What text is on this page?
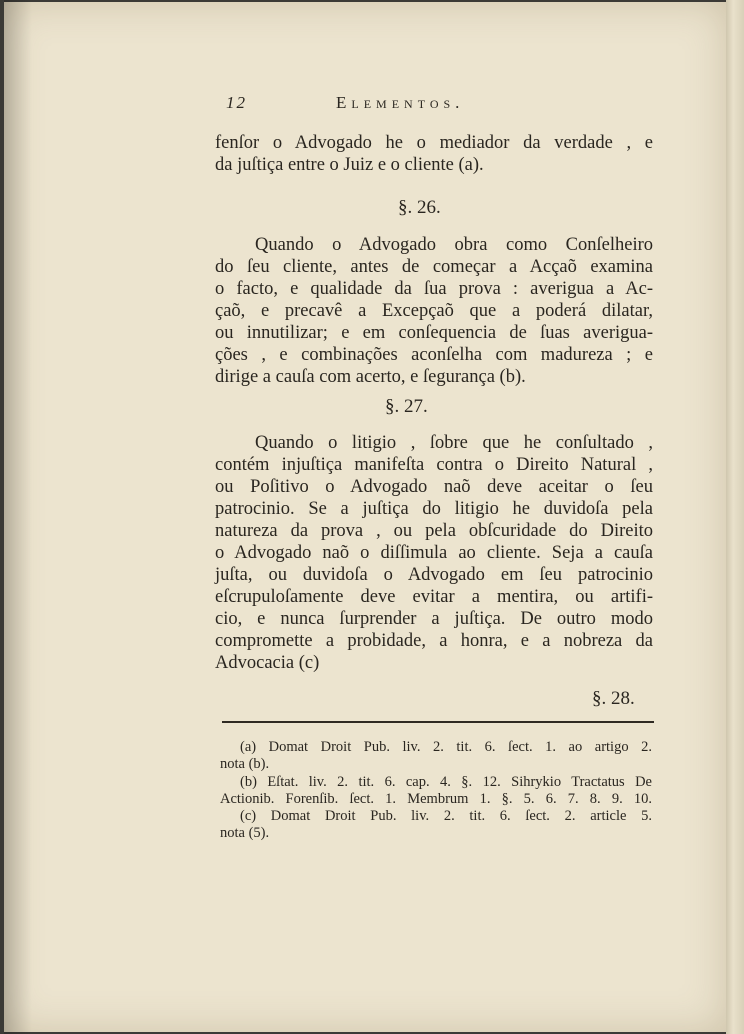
12	Elementos.
fenſor o Advogado he o mediador da verdade , e
da juſtiça entre o Juiz e o cliente (a).
§. 26.
Quando o Advogado obra como Conſelheiro
do ſeu cliente, antes de começar a Acçaõ examina
o facto, e qualidade da ſua prova : averigua a Ac-
çaõ, e precavê a Excepçaõ que a poderá dilatar,
ou innutilizar; e em conſequencia de ſuas averigua-
ções , e combinações aconſelha com madureza ; e
dirige a cauſa com acerto, e ſegurança (b).
§. 27.
Quando o litigio , ſobre que he conſultado ,
contém injuſtiça manifeſta contra o Direito Natural ,
ou Poſitivo o Advogado naõ deve aceitar o ſeu
patrocinio. Se a juſtiça do litigio he duvidoſa pela
natureza da prova , ou pela obſcuridade do Direito
o Advogado naõ o diſſimula ao cliente. Seja a cauſa
juſta, ou duvidoſa o Advogado em ſeu patrocinio
eſcrupuloſamente deve evitar a mentira, ou artifi-
cio, e nunca ſurprender a juſtiça. De outro modo
compromette a probidade, a honra, e a nobreza da
Advocacia (c)
§. 28.
(a) Domat Droit Pub. liv. 2. tit. 6. ſect. 1. ao artigo 2.
nota (b).
(b) Eſtat. liv. 2. tit. 6. cap. 4. §. 12. Sihrykio Tractatus De
Actionib. Forenſib. ſect. 1. Membrum 1. §. 5. 6. 7. 8. 9. 10.
(c) Domat Droit Pub. liv. 2. tit. 6. ſect. 2. article 5.
nota (5).
